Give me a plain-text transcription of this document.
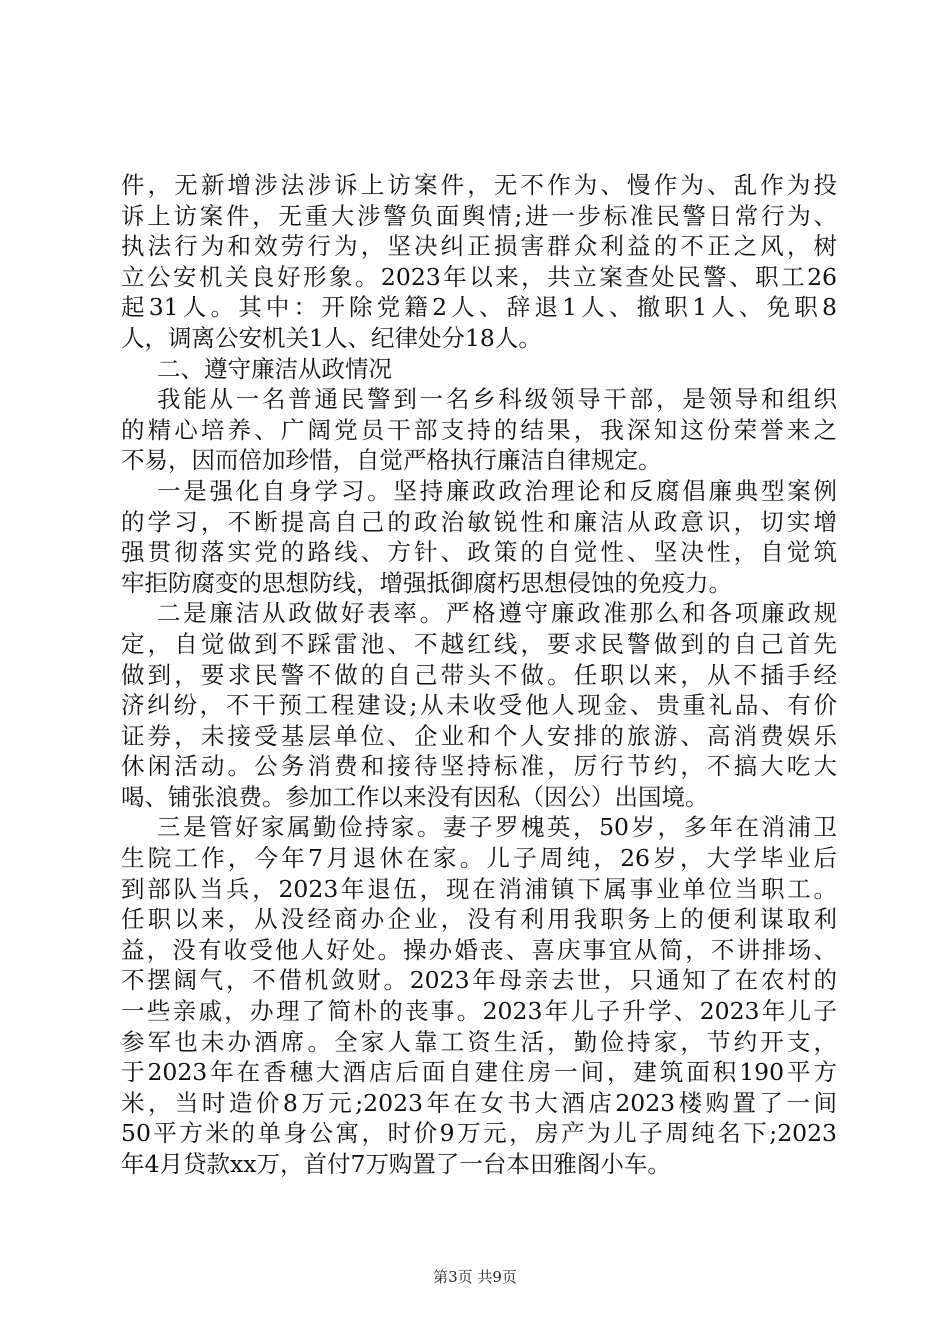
件，无新增涉法涉诉上访案件，无不作为、慢作为、乱作为投
诉上访案件，无重大涉警负面舆情;进一步标准民警日常行为、
执法行为和效劳行为，坚决纠正损害群众利益的不正之风，树
立公安机关良好形象。2023年以来，共立案查处民警、职工26
起31人。其中：开除党籍2人、辞退1人、撤职1人、免职8
人，调离公安机关1人、纪律处分18人。
二、遵守廉洁从政情况
我能从一名普通民警到一名乡科级领导干部，是领导和组织
的精心培养、广阔党员干部支持的结果，我深知这份荣誉来之
不易，因而倍加珍惜，自觉严格执行廉洁自律规定。
一是强化自身学习。坚持廉政政治理论和反腐倡廉典型案例
的学习，不断提高自己的政治敏锐性和廉洁从政意识，切实增
强贯彻落实党的路线、方针、政策的自觉性、坚决性，自觉筑
牢拒防腐变的思想防线，增强抵御腐朽思想侵蚀的免疫力。
二是廉洁从政做好表率。严格遵守廉政准那么和各项廉政规
定，自觉做到不踩雷池、不越红线，要求民警做到的自己首先
做到，要求民警不做的自己带头不做。任职以来，从不插手经
济纠纷，不干预工程建设;从未收受他人现金、贵重礼品、有价
证券，未接受基层单位、企业和个人安排的旅游、高消费娱乐
休闲活动。公务消费和接待坚持标准，厉行节约，不搞大吃大
喝、铺张浪费。参加工作以来没有因私（因公）出国境。
三是管好家属勤俭持家。妻子罗槐英，50岁，多年在消浦卫
生院工作，今年7月退休在家。儿子周纯，26岁，大学毕业后
到部队当兵，2023年退伍，现在消浦镇下属事业单位当职工。
任职以来，从没经商办企业，没有利用我职务上的便利谋取利
益，没有收受他人好处。操办婚丧、喜庆事宜从简，不讲排场、
不摆阔气，不借机敛财。2023年母亲去世，只通知了在农村的
一些亲戚，办理了简朴的丧事。2023年儿子升学、2023年儿子
参军也未办酒席。全家人靠工资生活，勤俭持家，节约开支，
于2023年在香穗大酒店后面自建住房一间，建筑面积190平方
米，当时造价8万元;2023年在女书大酒店2023楼购置了一间
50平方米的单身公寓，时价9万元，房产为儿子周纯名下;2023
年4月贷款xx万，首付7万购置了一台本田雅阁小车。
第3页 共9页
